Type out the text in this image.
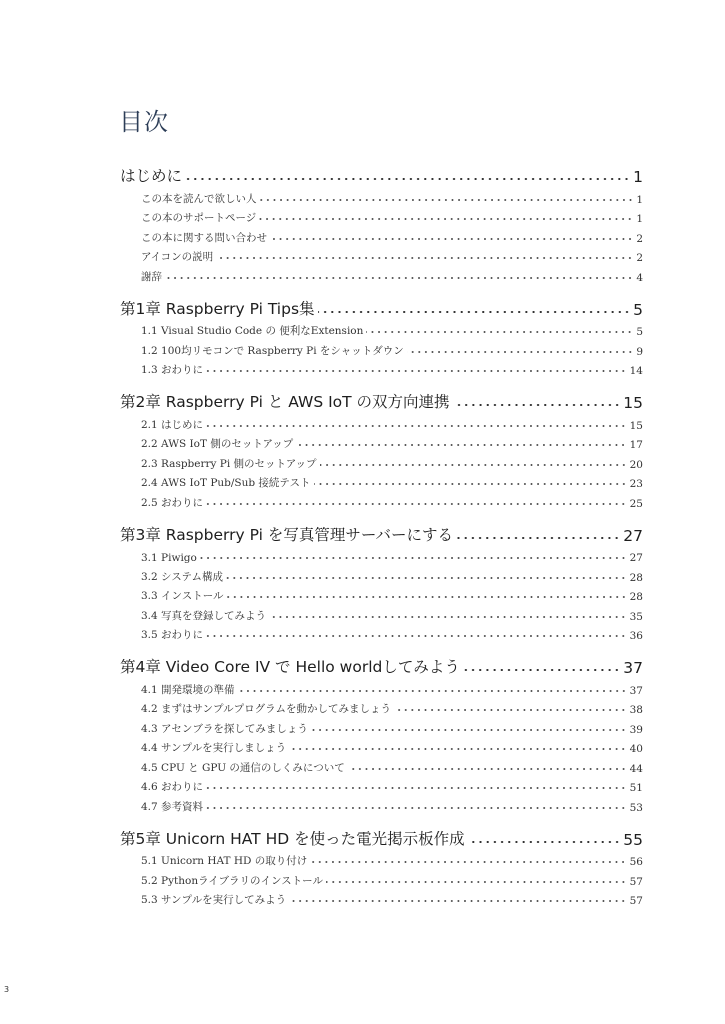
目次
はじめに	1
この本を読んで欲しい人	1
この本のサポートページ	1
この本に関する問い合わせ	2
アイコンの説明	2
謝辞	4
第1章 Raspberry Pi Tips集	5
1.1 Visual Studio Code の 便利なExtension	5
1.2 100均リモコンで Raspberry Pi をシャットダウン	9
1.3 おわりに	14
第2章 Raspberry Pi と AWS IoT の双方向連携	15
2.1 はじめに	15
2.2 AWS IoT 側のセットアップ	17
2.3 Raspberry Pi 側のセットアップ	20
2.4 AWS IoT Pub/Sub 接続テスト	23
2.5 おわりに	25
第3章 Raspberry Pi を写真管理サーバーにする	27
3.1 Piwigo	27
3.2 システム構成	28
3.3 インストール	28
3.4 写真を登録してみよう	35
3.5 おわりに	36
第4章 Video Core IV で Hello worldしてみよう	37
4.1 開発環境の準備	37
4.2 まずはサンプルプログラムを動かしてみましょう	38
4.3 アセンブラを探してみましょう	39
4.4 サンプルを実行しましょう	40
4.5 CPU と GPU の通信のしくみについて	44
4.6 おわりに	51
4.7 参考資料	53
第5章 Unicorn HAT HD を使った電光掲示板作成	55
5.1 Unicorn HAT HD の取り付け	56
5.2 Pythonライブラリのインストール	57
5.3 サンプルを実行してみよう	57
3
